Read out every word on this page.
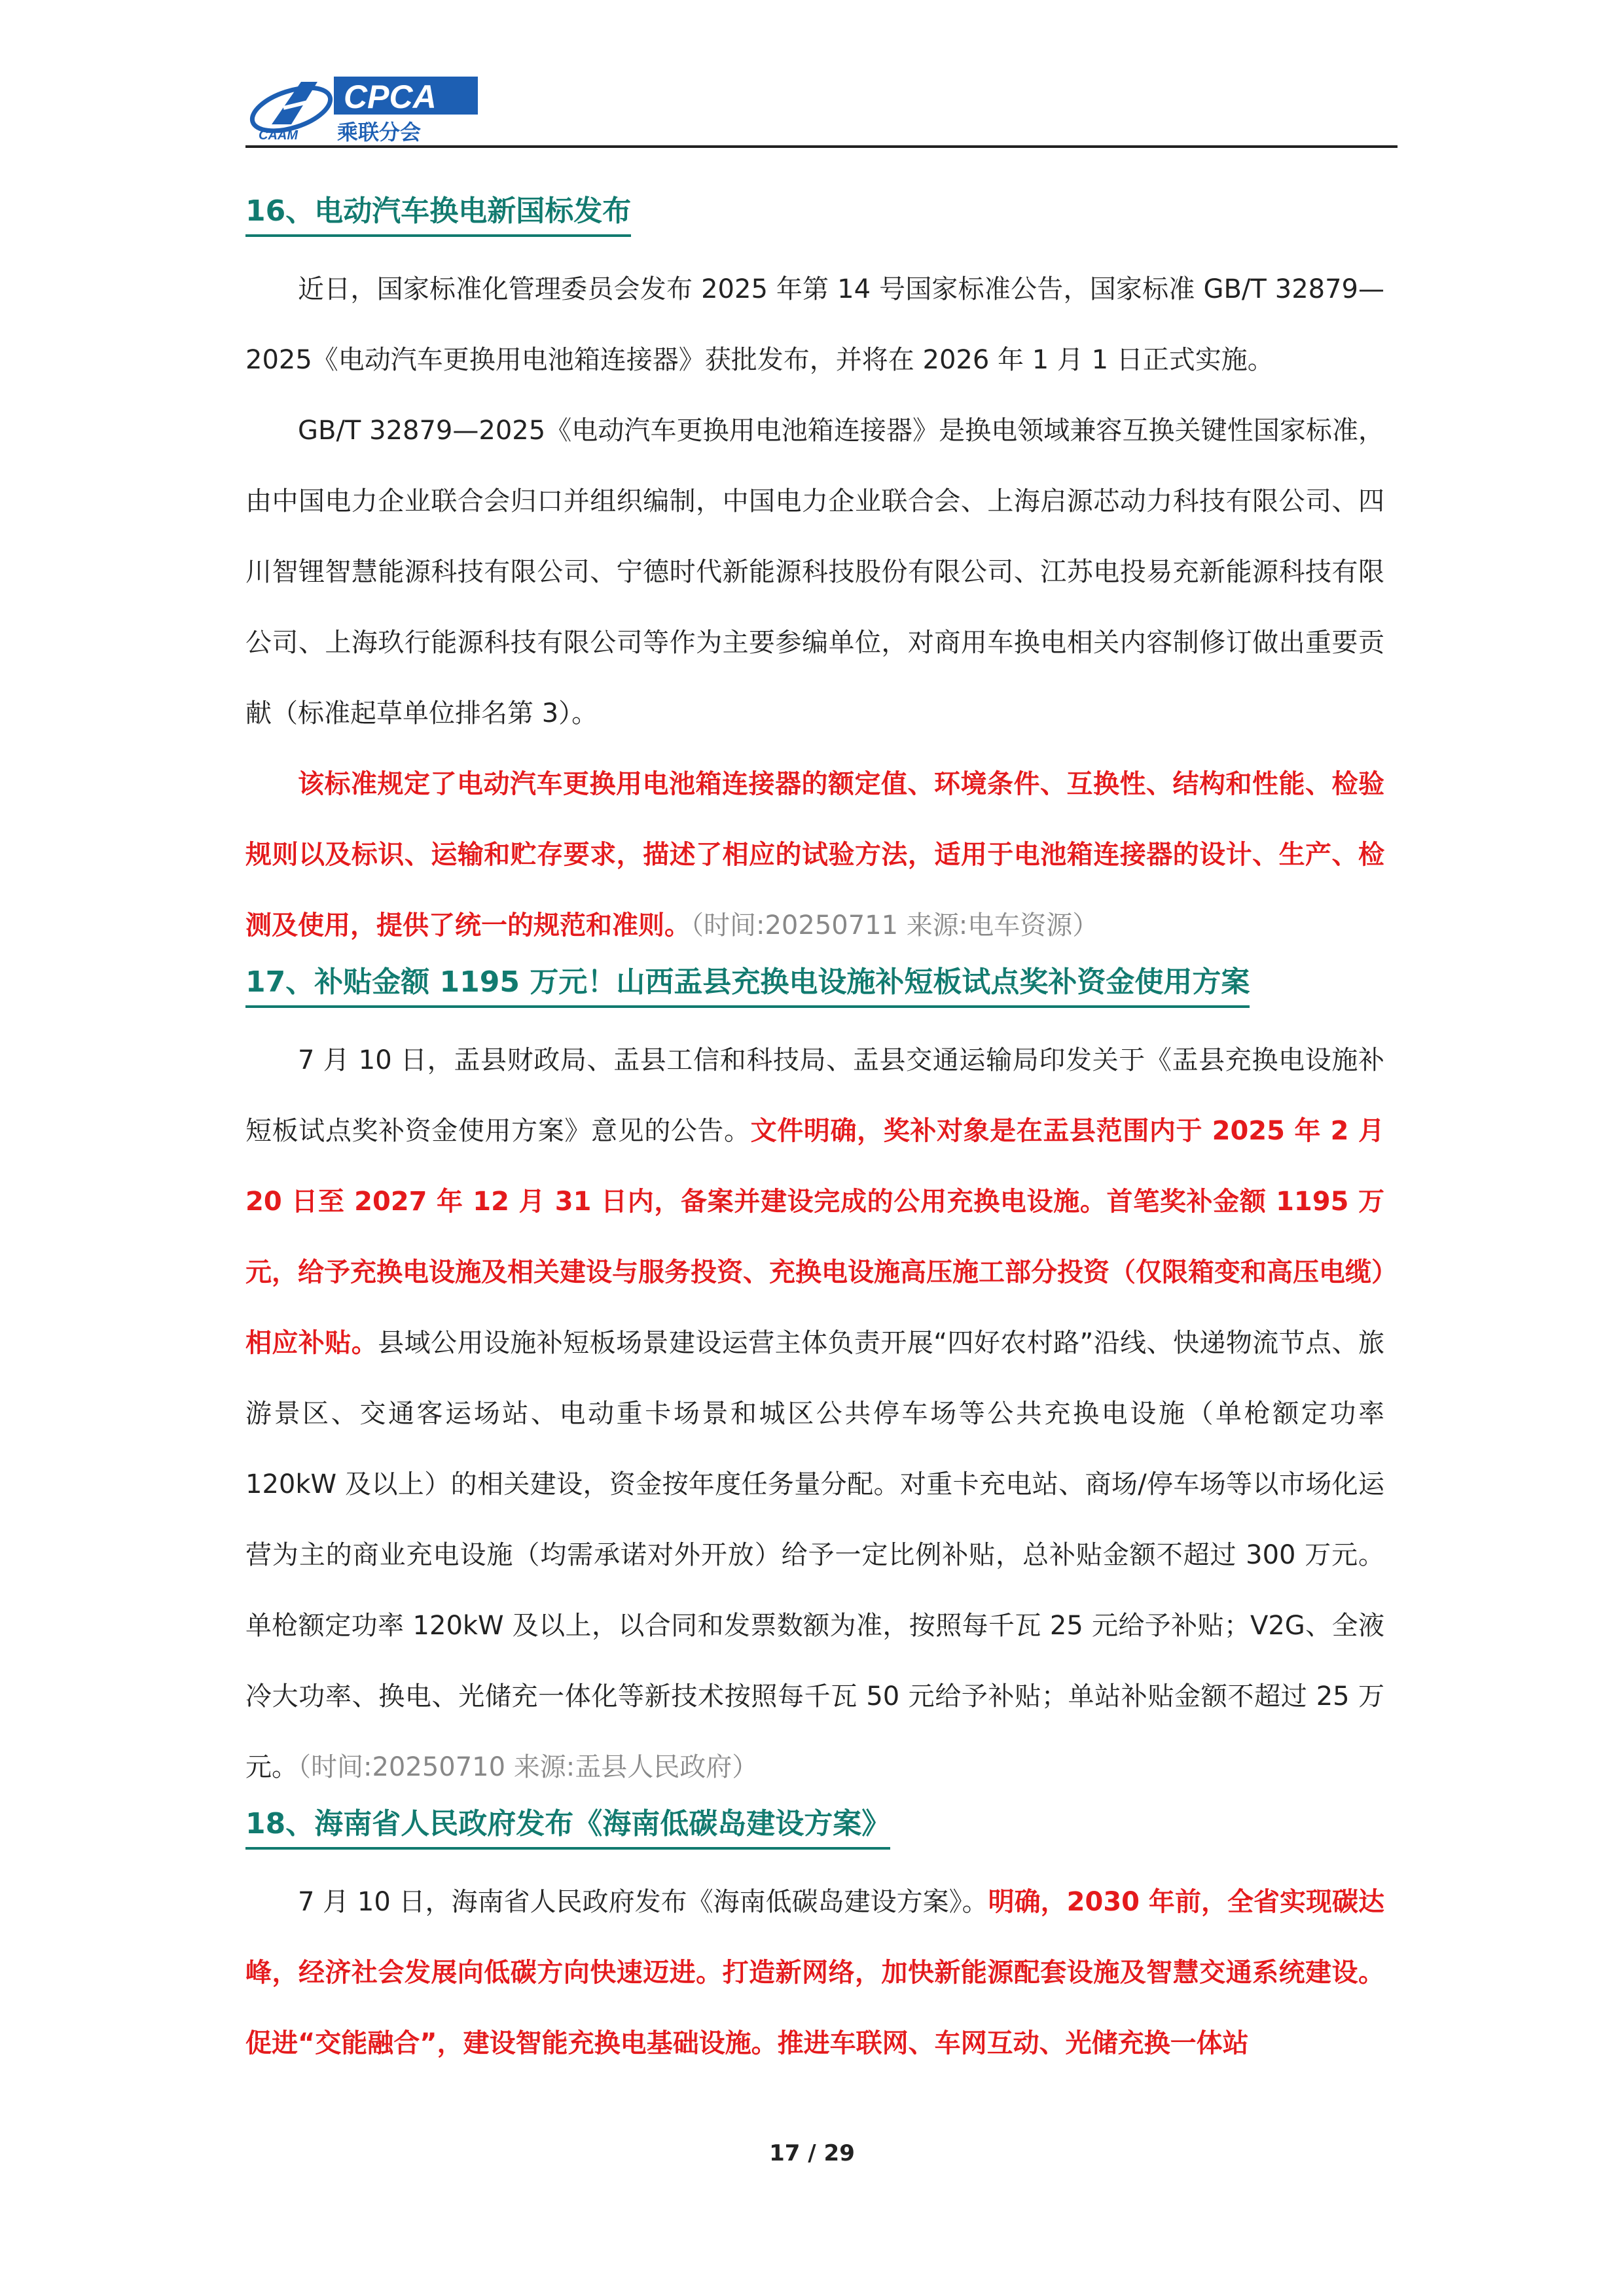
CPCA
CAAM 乘联分会
16、电动汽车换电新国标发布

近日，国家标准化管理委员会发布 2025 年第 14 号国家标准公告，国家标准 GB/T 32879—2025《电动汽车更换用电池箱连接器》获批发布，并将在 2026 年 1 月 1 日正式实施。

GB/T 32879—2025《电动汽车更换用电池箱连接器》是换电领域兼容互换关键性国家标准，由中国电力企业联合会归口并组织编制，中国电力企业联合会、上海启源芯动力科技有限公司、四川智锂智慧能源科技有限公司、宁德时代新能源科技股份有限公司、江苏电投易充新能源科技有限公司、上海玖行能源科技有限公司等作为主要参编单位，对商用车换电相关内容制修订做出重要贡献（标准起草单位排名第 3）。

该标准规定了电动汽车更换用电池箱连接器的额定值、环境条件、互换性、结构和性能、检验规则以及标识、运输和贮存要求，描述了相应的试验方法，适用于电池箱连接器的设计、生产、检测及使用，提供了统一的规范和准则。（时间:20250711 来源:电车资源）

17、补贴金额 1195 万元！山西盂县充换电设施补短板试点奖补资金使用方案

7 月 10 日，盂县财政局、盂县工信和科技局、盂县交通运输局印发关于《盂县充换电设施补短板试点奖补资金使用方案》意见的公告。文件明确，奖补对象是在盂县范围内于 2025 年 2 月 20 日至 2027 年 12 月 31 日内，备案并建设完成的公用充换电设施。首笔奖补金额 1195 万元，给予充换电设施及相关建设与服务投资、充换电设施高压施工部分投资（仅限箱变和高压电缆）相应补贴。县域公用设施补短板场景建设运营主体负责开展“四好农村路”沿线、快递物流节点、旅游景区、交通客运场站、电动重卡场景和城区公共停车场等公共充换电设施（单枪额定功率 120kW 及以上）的相关建设，资金按年度任务量分配。对重卡充电站、商场/停车场等以市场化运营为主的商业充电设施（均需承诺对外开放）给予一定比例补贴，总补贴金额不超过 300 万元。单枪额定功率 120kW 及以上，以合同和发票数额为准，按照每千瓦 25 元给予补贴；V2G、全液冷大功率、换电、光储充一体化等新技术按照每千瓦 50 元给予补贴；单站补贴金额不超过 25 万元。（时间:20250710 来源:盂县人民政府）

18、海南省人民政府发布《海南低碳岛建设方案》

7 月 10 日，海南省人民政府发布《海南低碳岛建设方案》。明确，2030 年前，全省实现碳达峰，经济社会发展向低碳方向快速迈进。打造新网络，加快新能源配套设施及智慧交通系统建设。促进“交能融合”，建设智能充换电基础设施。推进车联网、车网互动、光储充换一体站

17 / 29
